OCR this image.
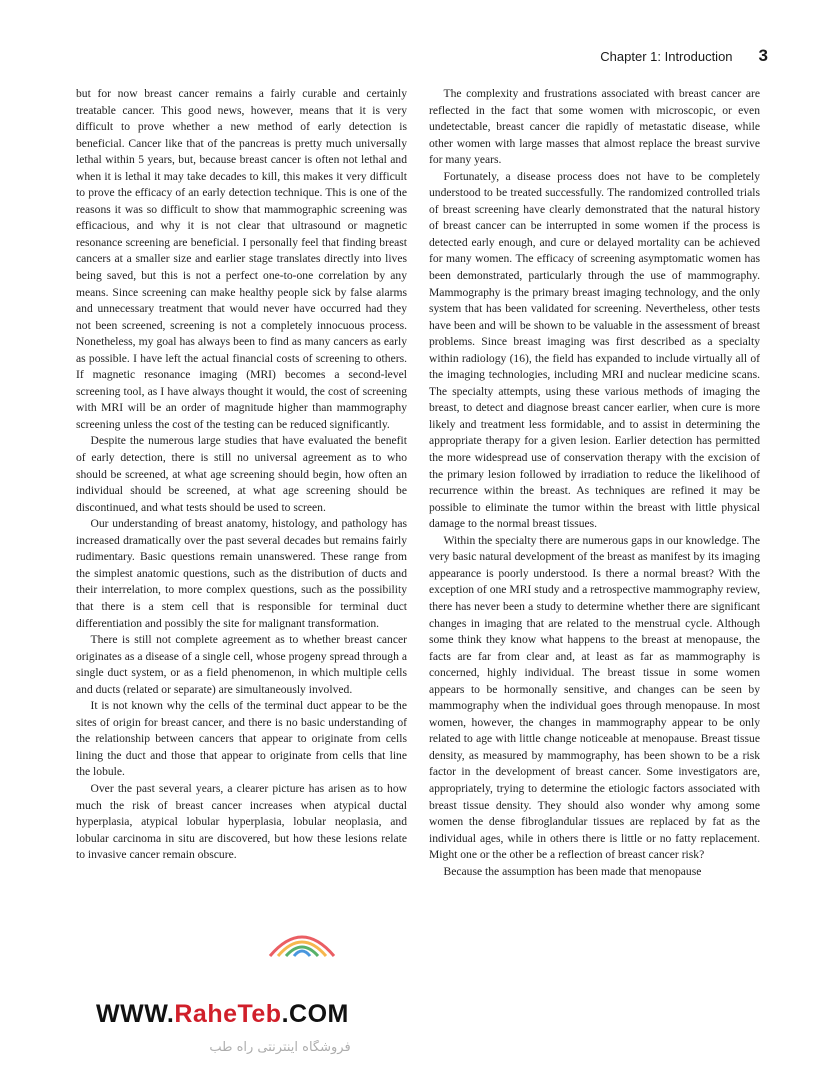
Chapter 1: Introduction 3

but for now breast cancer remains a fairly curable and certainly treatable cancer. This good news, however, means that it is very difficult to prove whether a new method of early detection is beneficial. Cancer like that of the pancreas is pretty much universally lethal within 5 years, but, because breast cancer is often not lethal and when it is lethal it may take decades to kill, this makes it very difficult to prove the efficacy of an early detection technique. This is one of the reasons it was so difficult to show that mammographic screening was efficacious, and why it is not clear that ultrasound or magnetic resonance screening are beneficial. I personally feel that finding breast cancers at a smaller size and earlier stage translates directly into lives being saved, but this is not a perfect one-to-one correlation by any means. Since screening can make healthy people sick by false alarms and unnecessary treatment that would never have occurred had they not been screened, screening is not a completely innocuous process. Nonetheless, my goal has always been to find as many cancers as early as possible. I have left the actual financial costs of screening to others. If magnetic resonance imaging (MRI) becomes a second-level screening tool, as I have always thought it would, the cost of screening with MRI will be an order of magnitude higher than mammography screening unless the cost of the testing can be reduced significantly.

Despite the numerous large studies that have evaluated the benefit of early detection, there is still no universal agreement as to who should be screened, at what age screening should begin, how often an individual should be screened, at what age screening should be discontinued, and what tests should be used to screen.

Our understanding of breast anatomy, histology, and pathology has increased dramatically over the past several decades but remains fairly rudimentary. Basic questions remain unanswered. These range from the simplest anatomic questions, such as the distribution of ducts and their interrelation, to more complex questions, such as the possibility that there is a stem cell that is responsible for terminal duct differentiation and possibly the site for malignant transformation.

There is still not complete agreement as to whether breast cancer originates as a disease of a single cell, whose progeny spread through a single duct system, or as a field phenomenon, in which multiple cells and ducts (related or separate) are simultaneously involved.

It is not known why the cells of the terminal duct appear to be the sites of origin for breast cancer, and there is no basic understanding of the relationship between cancers that appear to originate from cells lining the duct and those that appear to originate from cells that line the lobule.

Over the past several years, a clearer picture has arisen as to how much the risk of breast cancer increases when atypical ductal hyperplasia, atypical lobular hyperplasia, lobular neoplasia, and lobular carcinoma in situ are discovered, but how these lesions relate to invasive cancer remain obscure.

The complexity and frustrations associated with breast cancer are reflected in the fact that some women with microscopic, or even undetectable, breast cancer die rapidly of metastatic disease, while other women with large masses that almost replace the breast survive for many years.

Fortunately, a disease process does not have to be completely understood to be treated successfully. The randomized controlled trials of breast screening have clearly demonstrated that the natural history of breast cancer can be interrupted in some women if the process is detected early enough, and cure or delayed mortality can be achieved for many women. The efficacy of screening asymptomatic women has been demonstrated, particularly through the use of mammography. Mammography is the primary breast imaging technology, and the only system that has been validated for screening. Nevertheless, other tests have been and will be shown to be valuable in the assessment of breast problems. Since breast imaging was first described as a specialty within radiology (16), the field has expanded to include virtually all of the imaging technologies, including MRI and nuclear medicine scans. The specialty attempts, using these various methods of imaging the breast, to detect and diagnose breast cancer earlier, when cure is more likely and treatment less formidable, and to assist in determining the appropriate therapy for a given lesion. Earlier detection has permitted the more widespread use of conservation therapy with the excision of the primary lesion followed by irradiation to reduce the likelihood of recurrence within the breast. As techniques are refined it may be possible to eliminate the tumor within the breast with little physical damage to the normal breast tissues.

Within the specialty there are numerous gaps in our knowledge. The very basic natural development of the breast as manifest by its imaging appearance is poorly understood. Is there a normal breast? With the exception of one MRI study and a retrospective mammography review, there has never been a study to determine whether there are significant changes in imaging that are related to the menstrual cycle. Although some think they know what happens to the breast at menopause, the facts are far from clear and, at least as far as mammography is concerned, highly individual. The breast tissue in some women appears to be hormonally sensitive, and changes can be seen by mammography when the individual goes through menopause. In most women, however, the changes in mammography appear to be only related to age with little change noticeable at menopause. Breast tissue density, as measured by mammography, has been shown to be a risk factor in the development of breast cancer. Some investigators are, appropriately, trying to determine the etiologic factors associated with breast tissue density. They should also wonder why among some women the dense fibroglandular tissues are replaced by fat as the individual ages, while in others there is little or no fatty replacement. Might one or the other be a reflection of breast cancer risk?

Because the assumption has been made that menopause

WWW.RaheTeb.COM
فروشگاه اینترنتی راه طب
